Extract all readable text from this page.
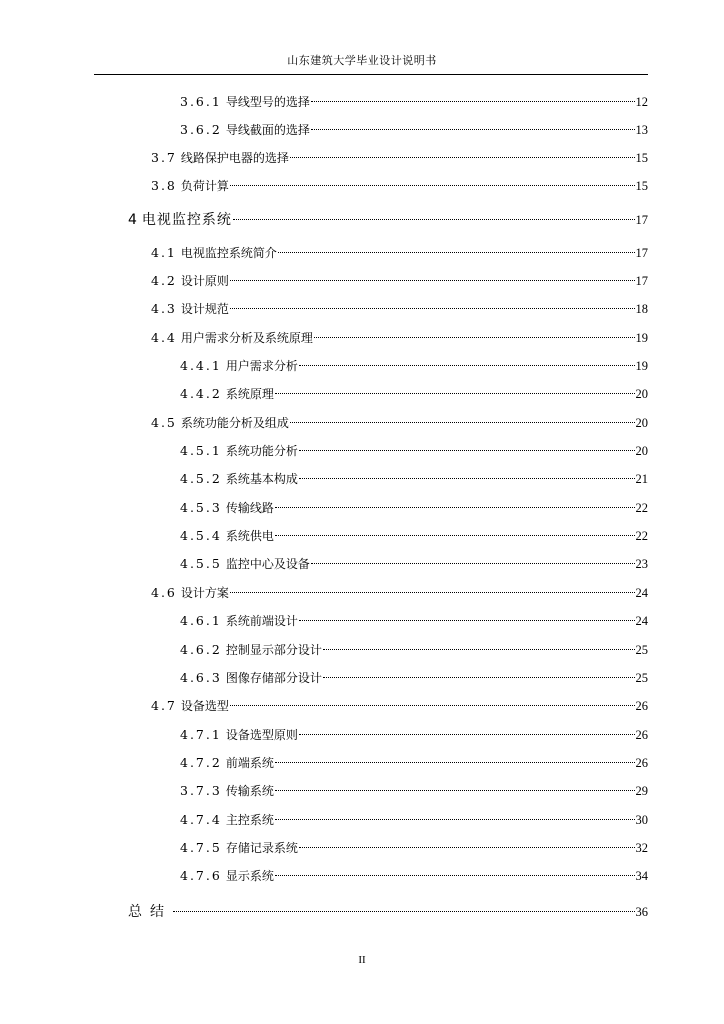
山东建筑大学毕业设计说明书
3.6.1 导线型号的选择	12
3.6.2 导线截面的选择	13
3.7 线路保护电器的选择	15
3.8 负荷计算	15
4 电视监控系统	17
4.1 电视监控系统简介	17
4.2 设计原则	17
4.3 设计规范	18
4.4 用户需求分析及系统原理	19
4.4.1 用户需求分析	19
4.4.2 系统原理	20
4.5 系统功能分析及组成	20
4.5.1 系统功能分析	20
4.5.2 系统基本构成	21
4.5.3 传输线路	22
4.5.4 系统供电	22
4.5.5 监控中心及设备	23
4.6 设计方案	24
4.6.1 系统前端设计	24
4.6.2 控制显示部分设计	25
4.6.3 图像存储部分设计	25
4.7 设备选型	26
4.7.1 设备选型原则	26
4.7.2 前端系统	26
3.7.3 传输系统	29
4.7.4 主控系统	30
4.7.5 存储记录系统	32
4.7.6 显示系统	34
总结	36
II
